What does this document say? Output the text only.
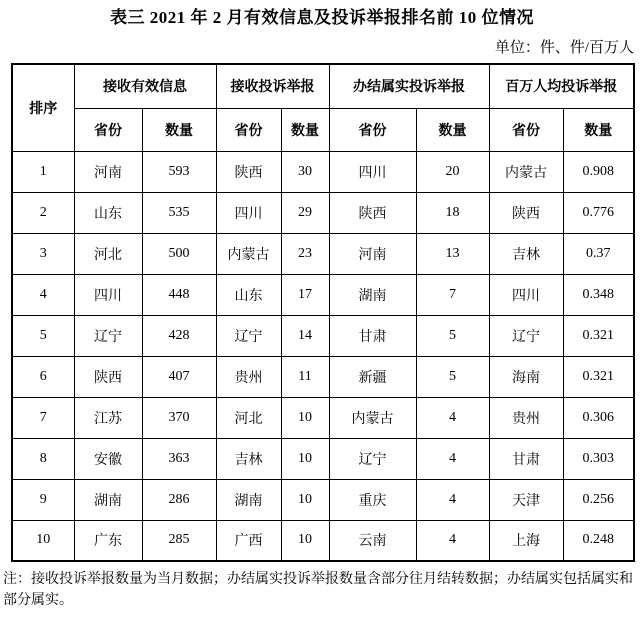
表三 2021 年 2 月有效信息及投诉举报排名前 10 位情况
单位：件、件/百万人
排序	接收有效信息		接收投诉举报		办结属实投诉举报		百万人均投诉举报	
	省份	数量	省份	数量	省份	数量	省份	数量
1	河南	593	陕西	30	四川	20	内蒙古	0.908
2	山东	535	四川	29	陕西	18	陕西	0.776
3	河北	500	内蒙古	23	河南	13	吉林	0.37
4	四川	448	山东	17	湖南	7	四川	0.348
5	辽宁	428	辽宁	14	甘肃	5	辽宁	0.321
6	陕西	407	贵州	11	新疆	5	海南	0.321
7	江苏	370	河北	10	内蒙古	4	贵州	0.306
8	安徽	363	吉林	10	辽宁	4	甘肃	0.303
9	湖南	286	湖南	10	重庆	4	天津	0.256
10	广东	285	广西	10	云南	4	上海	0.248
注：接收投诉举报数量为当月数据；办结属实投诉举报数量含部分往月结转数据；办结属实包括属实和部分属实。
